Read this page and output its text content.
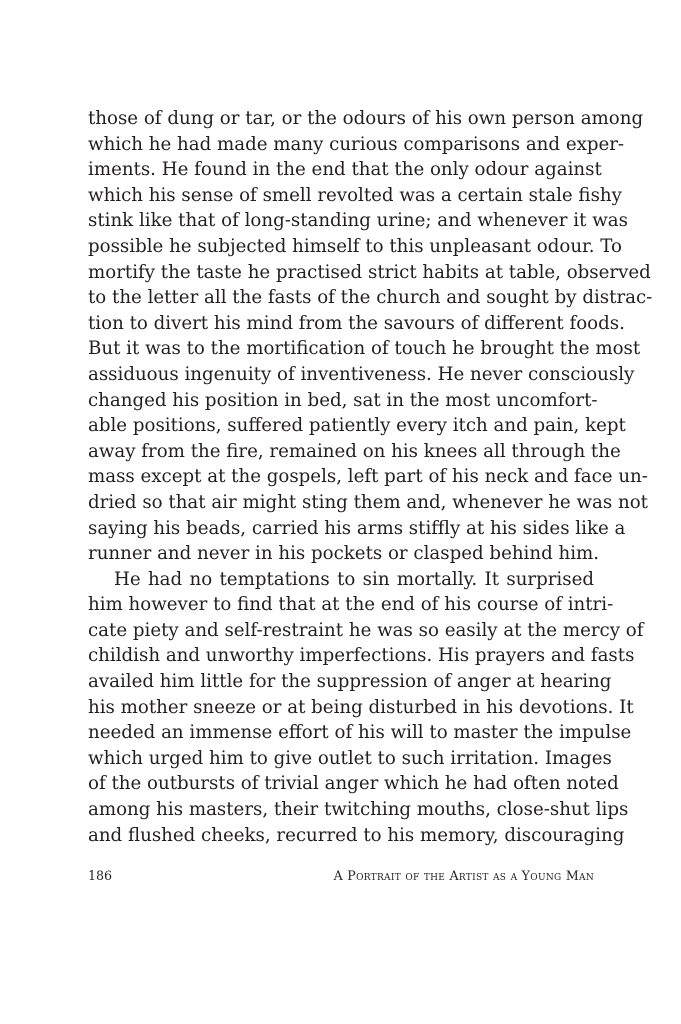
those of dung or tar, or the odours of his own person among
which he had made many curious comparisons and exper-
iments. He found in the end that the only odour against
which his sense of smell revolted was a certain stale fishy
stink like that of long-standing urine; and whenever it was
possible he subjected himself to this unpleasant odour. To
mortify the taste he practised strict habits at table, observed
to the letter all the fasts of the church and sought by distrac-
tion to divert his mind from the savours of different foods.
But it was to the mortification of touch he brought the most
assiduous ingenuity of inventiveness. He never consciously
changed his position in bed, sat in the most uncomfort-
able positions, suffered patiently every itch and pain, kept
away from the fire, remained on his knees all through the
mass except at the gospels, left part of his neck and face un-
dried so that air might sting them and, whenever he was not
saying his beads, carried his arms stiffly at his sides like a
runner and never in his pockets or clasped behind him.
He had no temptations to sin mortally. It surprised
him however to find that at the end of his course of intri-
cate piety and self-restraint he was so easily at the mercy of
childish and unworthy imperfections. His prayers and fasts
availed him little for the suppression of anger at hearing
his mother sneeze or at being disturbed in his devotions. It
needed an immense effort of his will to master the impulse
which urged him to give outlet to such irritation. Images
of the outbursts of trivial anger which he had often noted
among his masters, their twitching mouths, close-shut lips
and flushed cheeks, recurred to his memory, discouraging
186	A Portrait of the Artist as a Young Man
